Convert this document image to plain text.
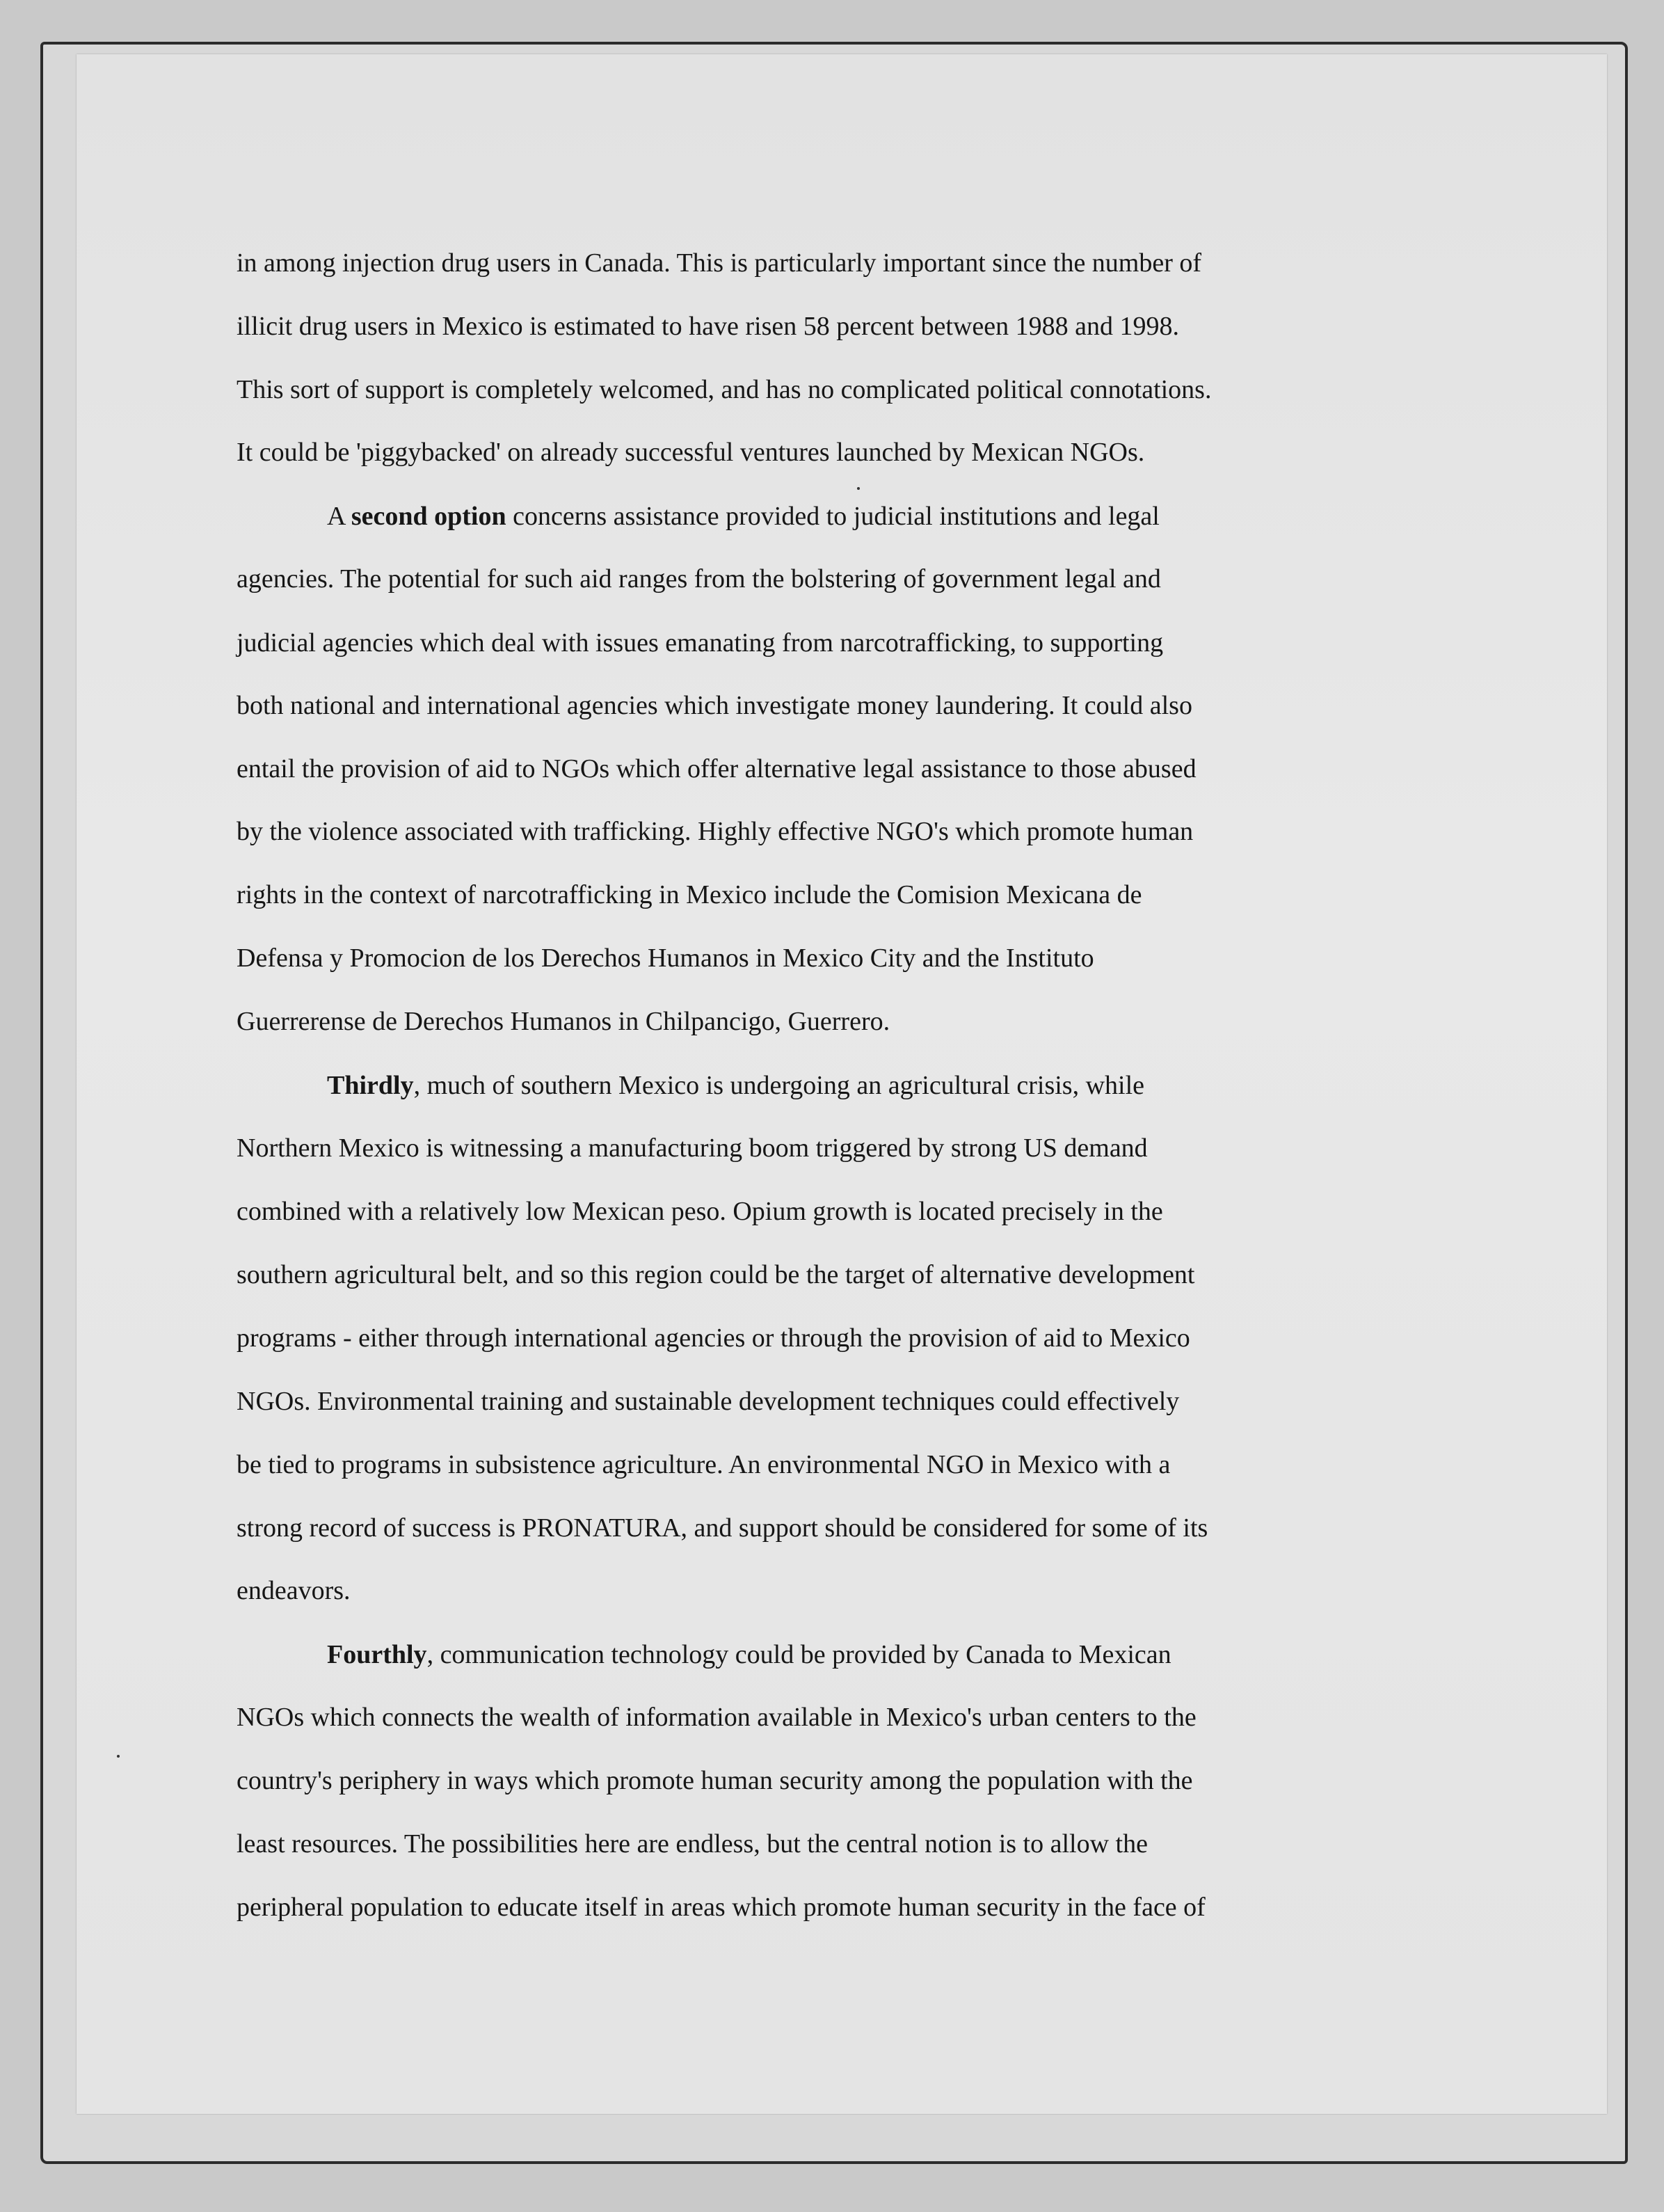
in among injection drug users in Canada. This is particularly important since the number of
illicit drug users in Mexico is estimated to have risen 58 percent between 1988 and 1998.
This sort of support is completely welcomed, and has no complicated political connotations.
It could be 'piggybacked' on already successful ventures launched by Mexican NGOs.
A second option concerns assistance provided to judicial institutions and legal
agencies. The potential for such aid ranges from the bolstering of government legal and
judicial agencies which deal with issues emanating from narcotrafficking, to supporting
both national and international agencies which investigate money laundering. It could also
entail the provision of aid to NGOs which offer alternative legal assistance to those abused
by the violence associated with trafficking. Highly effective NGO's which promote human
rights in the context of narcotrafficking in Mexico include the Comision Mexicana de
Defensa y Promocion de los Derechos Humanos in Mexico City and the Instituto
Guerrerense de Derechos Humanos in Chilpancigo, Guerrero.
Thirdly, much of southern Mexico is undergoing an agricultural crisis, while
Northern Mexico is witnessing a manufacturing boom triggered by strong US demand
combined with a relatively low Mexican peso. Opium growth is located precisely in the
southern agricultural belt, and so this region could be the target of alternative development
programs - either through international agencies or through the provision of aid to Mexico
NGOs. Environmental training and sustainable development techniques could effectively
be tied to programs in subsistence agriculture. An environmental NGO in Mexico with a
strong record of success is PRONATURA, and support should be considered for some of its
endeavors.
Fourthly, communication technology could be provided by Canada to Mexican
NGOs which connects the wealth of information available in Mexico's urban centers to the
country's periphery in ways which promote human security among the population with the
least resources. The possibilities here are endless, but the central notion is to allow the
peripheral population to educate itself in areas which promote human security in the face of
